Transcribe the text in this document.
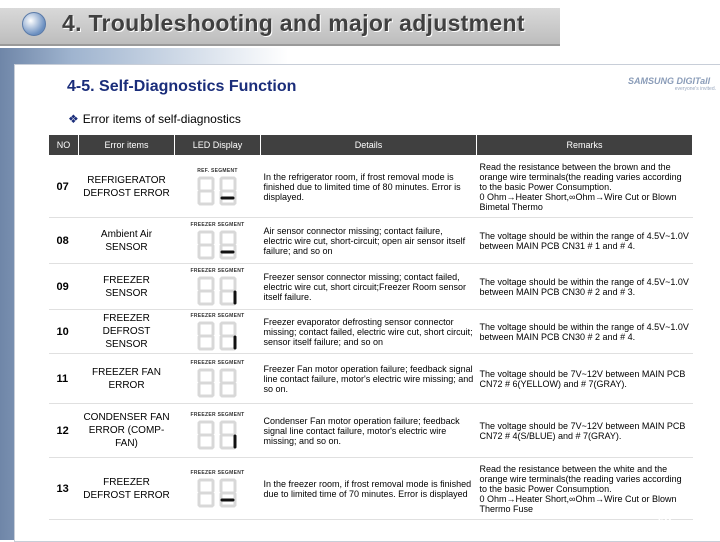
4. Troubleshooting and major adjustment
4-5. Self-Diagnostics Function	SAMSUNG DIGITall
everyone's invited.
❖ Error items of self-diagnostics
NO	Error items	LED Display	Details	Remarks
07	REFRIGERATOR DEFROST ERROR	REF. SEGMENT	In the refrigerator room, if frost removal mode is finished due to limited time of 80 minutes. Error is displayed.	Read the resistance between the brown and the orange wire terminals(the reading varies according to the basic Power Consumption.
0 Ohm→Heater Short,∞Ohm→Wire Cut or Blown Bimetal Thermo

08	Ambient Air SENSOR	FREEZER SEGMENT	Air sensor connector missing; contact failure, electric wire cut, short-circuit; open air sensor itself failure; and so on	The voltage should be within the range of 4.5V~1.0V between MAIN PCB CN31 # 1 and # 4.

09	FREEZER SENSOR	FREEZER SEGMENT	Freezer sensor connector missing; contact failed, electric wire cut, short circuit;Freezer Room sensor itself failure.	The voltage should be within the range of 4.5V~1.0V between MAIN PCB CN30 # 2 and # 3.

10	FREEZER DEFROST SENSOR	FREEZER SEGMENT	Freezer evaporator defrosting sensor connector missing; contact failed, electric wire cut, short circuit; sensor itself failure; and so on	The voltage should be within the range of 4.5V~1.0V between MAIN PCB CN30 # 2 and # 4.

11	FREEZER FAN ERROR	FREEZER SEGMENT	Freezer Fan motor operation failure; feedback signal line contact failure, motor's electric wire missing; and so on.	The voltage should be 7V~12V between MAIN PCB CN72 # 6(YELLOW) and # 7(GRAY).

12	CONDENSER FAN ERROR (COMP-FAN)	FREEZER SEGMENT	Condenser Fan motor operation failure; feedback signal line contact failure, motor's electric wire missing; and so on.	The voltage should be 7V~12V between MAIN PCB CN72 # 4(S/BLUE) and # 7(GRAY).

13	FREEZER DEFROST ERROR	FREEZER SEGMENT	In the freezer room, if frost removal mode is finished due to limited time of 70 minutes. Error is displayed	Read the resistance between the white and the orange wire terminals(the reading varies according to the basic Power Consumption.
0 Ohm→Heater Short,∞Ohm→Wire Cut or Blown Thermo Fuse
69
